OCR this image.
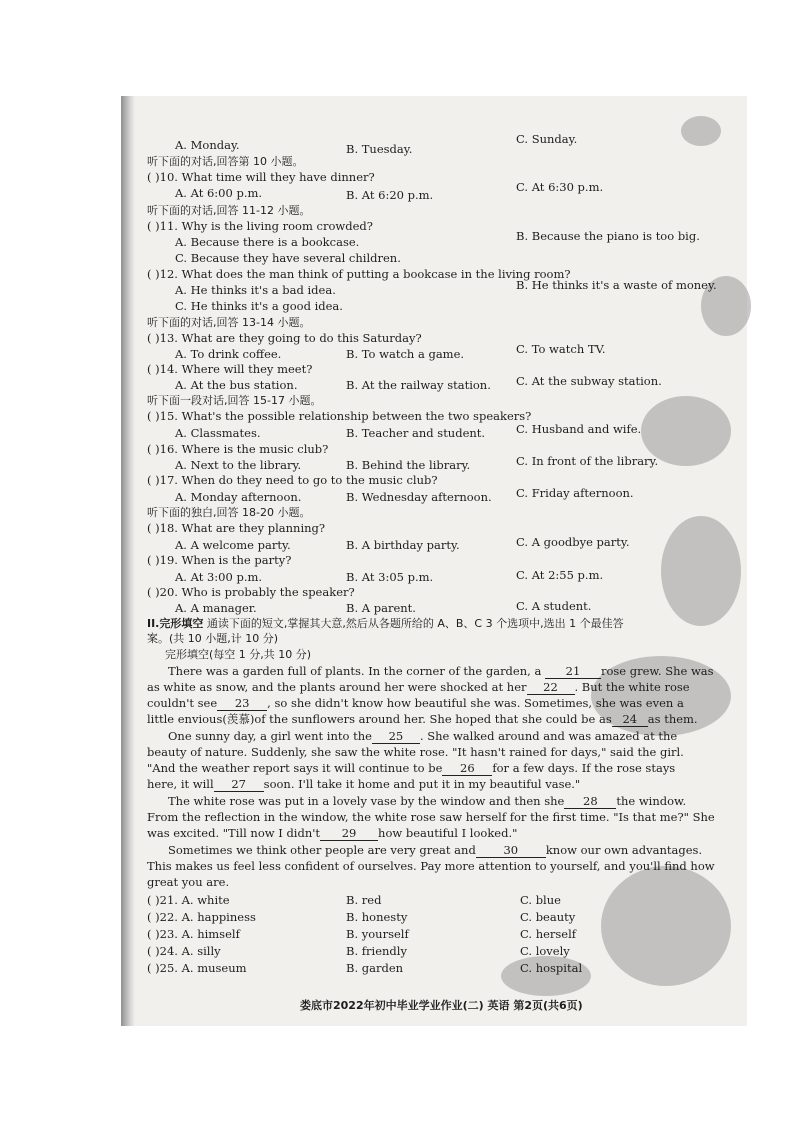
A. Monday.	B. Tuesday.
C. Sunday.
听下面的对话,回答第 10 小题。
( )10. What time will they have dinner?
A. At 6:00 p.m.	B. At 6:20 p.m.
C. At 6:30 p.m.
听下面的对话,回答 11-12 小题。
( )11. Why is the living room crowded?
A. Because there is a bookcase.	B. Because the piano is too big.
C. Because they have several children.
( )12. What does the man think of putting a bookcase in the living room?
A. He thinks it's a bad idea.	B. He thinks it's a waste of money.
C. He thinks it's a good idea.
听下面的对话,回答 13-14 小题。
( )13. What are they going to do this Saturday?
A. To drink coffee.	B. To watch a game.	C. To watch TV.
( )14. Where will they meet?
A. At the bus station.	B. At the railway station. C. At the subway station.
听下面一段对话,回答 15-17 小题。
( )15. What's the possible relationship between the two speakers?
A. Classmates.	B. Teacher and student.	C. Husband and wife.
( )16. Where is the music club?
A. Next to the library.	B. Behind the library.	C. In front of the library.
( )17. When do they need to go to the music club?
A. Monday afternoon.	B. Wednesday afternoon. C. Friday afternoon.
听下面的独白,回答 18-20 小题。
( )18. What are they planning?
A. A welcome party.	B. A birthday party.	C. A goodbye party.
( )19. When is the party?
A. At 3:00 p.m.	B. At 3:05 p.m.	C. At 2:55 p.m.
( )20. Who is probably the speaker?
A. A manager.	B. A parent.	C. A student.
II.完形填空 通读下面的短文,掌握其大意,然后从各题所给的 A、B、C 3 个选项中,选出 1 个最佳答
案。(共 10 小题,计 10 分)
完形填空(每空 1 分,共 10 分)
There was a garden full of plants. In the corner of the garden, a 21 rose grew. She was
as white as snow, and the plants around her were shocked at her 22 . But the white rose
couldn't see 23 , so she didn't know how beautiful she was. Sometimes, she was even a
little envious(羡慕)of the sunflowers around her. She hoped that she could be as 24 as them.
One sunny day, a girl went into the 25 . She walked around and was amazed at the
beauty of nature. Suddenly, she saw the white rose. "It hasn't rained for days," said the girl.
"And the weather report says it will continue to be 26 for a few days. If the rose stays
here, it will 27 soon. I'll take it home and put it in my beautiful vase."
The white rose was put in a lovely vase by the window and then she 28 the window.
From the reflection in the window, the white rose saw herself for the first time. "Is that me?" She
was excited. "Till now I didn't 29 how beautiful I looked."
Sometimes we think other people are very great and 30 know our own advantages.
This makes us feel less confident of ourselves. Pay more attention to yourself, and you'll find how
great you are.
( )21. A. white	B. red	C. blue
( )22. A. happiness	B. honesty	C. beauty
( )23. A. himself	B. yourself	C. herself
( )24. A. silly	B. friendly	C. lovely
( )25. A. museum	B. garden	C. hospital
娄底市2022年初中毕业学业作业(二) 英语 第2页(共6页)
